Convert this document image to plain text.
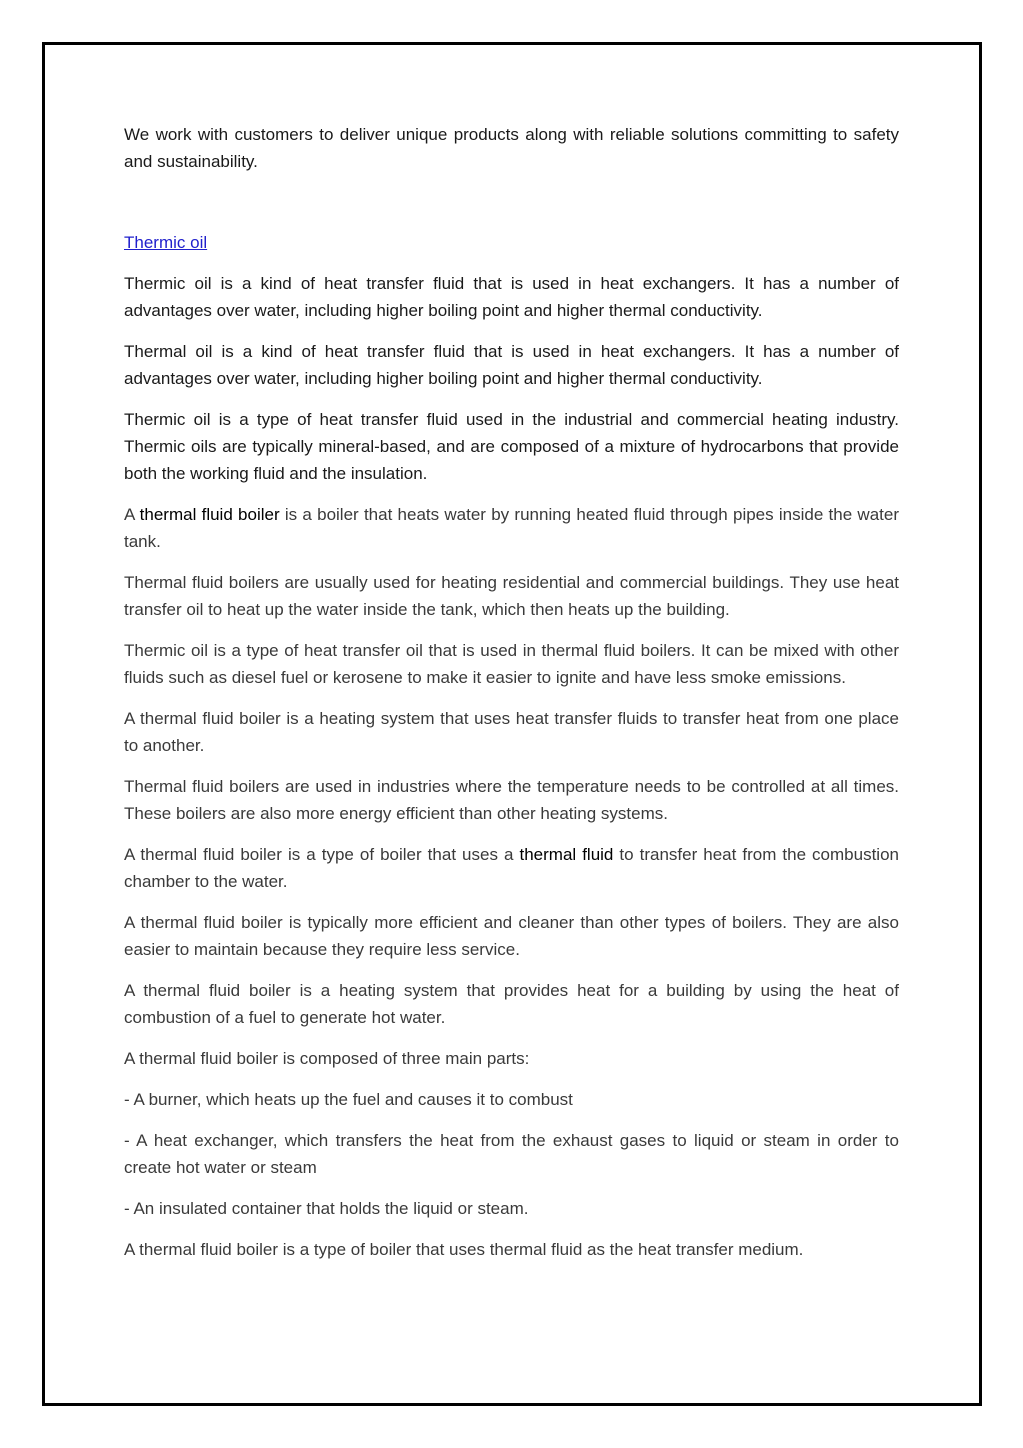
We work with customers to deliver unique products along with reliable solutions committing to safety and sustainability.

Thermic oil

Thermic oil is a kind of heat transfer fluid that is used in heat exchangers. It has a number of advantages over water, including higher boiling point and higher thermal conductivity.

Thermal oil is a kind of heat transfer fluid that is used in heat exchangers. It has a number of advantages over water, including higher boiling point and higher thermal conductivity.

Thermic oil is a type of heat transfer fluid used in the industrial and commercial heating industry. Thermic oils are typically mineral-based, and are composed of a mixture of hydrocarbons that provide both the working fluid and the insulation.

A thermal fluid boiler is a boiler that heats water by running heated fluid through pipes inside the water tank.

Thermal fluid boilers are usually used for heating residential and commercial buildings. They use heat transfer oil to heat up the water inside the tank, which then heats up the building.

Thermic oil is a type of heat transfer oil that is used in thermal fluid boilers. It can be mixed with other fluids such as diesel fuel or kerosene to make it easier to ignite and have less smoke emissions.

A thermal fluid boiler is a heating system that uses heat transfer fluids to transfer heat from one place to another.

Thermal fluid boilers are used in industries where the temperature needs to be controlled at all times. These boilers are also more energy efficient than other heating systems.

A thermal fluid boiler is a type of boiler that uses a thermal fluid to transfer heat from the combustion chamber to the water.

A thermal fluid boiler is typically more efficient and cleaner than other types of boilers. They are also easier to maintain because they require less service.

A thermal fluid boiler is a heating system that provides heat for a building by using the heat of combustion of a fuel to generate hot water.

A thermal fluid boiler is composed of three main parts:

- A burner, which heats up the fuel and causes it to combust

- A heat exchanger, which transfers the heat from the exhaust gases to liquid or steam in order to create hot water or steam

- An insulated container that holds the liquid or steam.

A thermal fluid boiler is a type of boiler that uses thermal fluid as the heat transfer medium.
